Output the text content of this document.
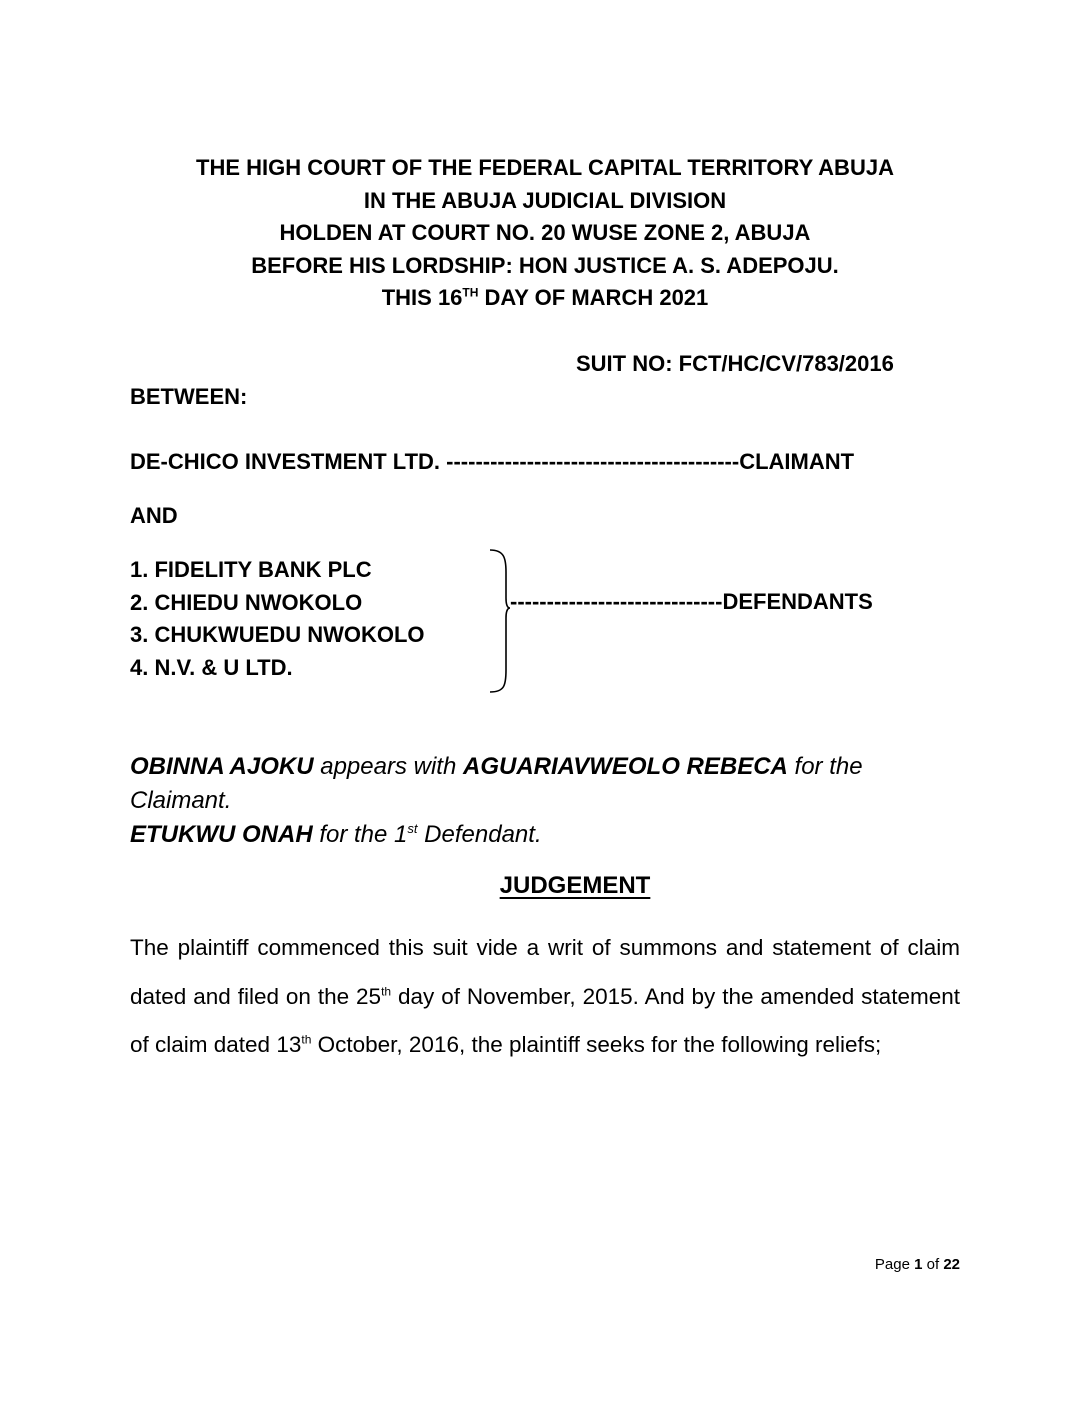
THE HIGH COURT OF THE FEDERAL CAPITAL TERRITORY ABUJA
IN THE ABUJA JUDICIAL DIVISION
HOLDEN AT COURT NO. 20 WUSE ZONE 2, ABUJA
BEFORE HIS LORDSHIP: HON JUSTICE A. S. ADEPOJU.
THIS 16TH DAY OF MARCH 2021
SUIT NO: FCT/HC/CV/783/2016
BETWEEN:
DE-CHICO INVESTMENT LTD. ----------------------------------------CLAIMANT
AND
1. FIDELITY BANK PLC
2. CHIEDU NWOKOLO
3. CHUKWUEDU NWOKOLO
4. N.V. & U LTD.
-----------------------------DEFENDANTS
OBINNA AJOKU appears with AGUARIAVWEOLO REBECA for the Claimant.
ETUKWU ONAH for the 1st Defendant.
JUDGEMENT
The plaintiff commenced this suit vide a writ of summons and statement of claim dated and filed on the 25th day of November, 2015. And by the amended statement of claim dated 13th October, 2016, the plaintiff seeks for the following reliefs;
Page 1 of 22
